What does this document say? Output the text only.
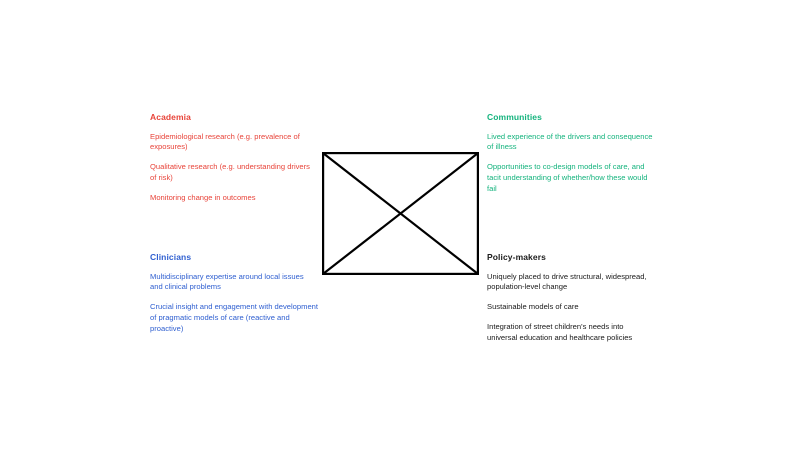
Academia

Epidemiological research (e.g. prevalence of exposures)

Qualitative research (e.g. understanding drivers of risk)

Monitoring change in outcomes

Communities

Lived experience of the drivers and consequence of illness

Opportunities to co-design models of care, and tacit understanding of whether/how these would fail

Clinicians

Multidisciplinary expertise around local issues and clinical problems

Crucial insight and engagement with development of pragmatic models of care (reactive and proactive)

Policy-makers

Uniquely placed to drive structural, widespread, population-level change

Sustainable models of care

Integration of street children's needs into universal education and healthcare policies
